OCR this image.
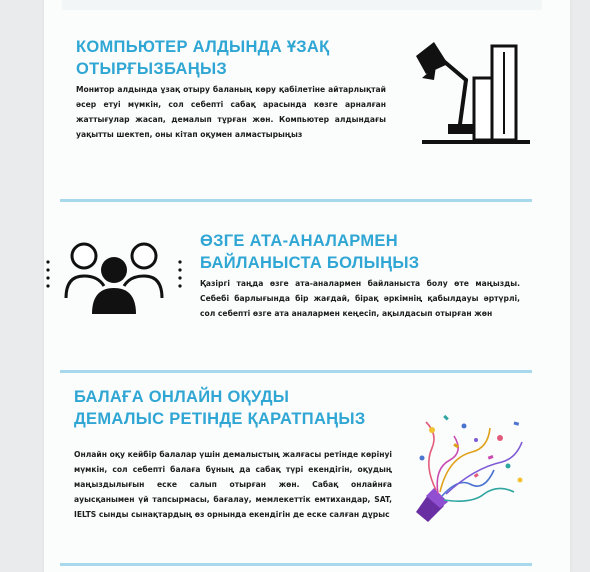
КОМПЬЮТЕР АЛДЫНДА ҰЗАҚ
ОТЫРҒЫЗБАҢЫЗ

Монитор алдында ұзақ отыру баланың көру қабілетіне айтарлықтай әсер етуі мүмкін, сол себепті сабақ арасында көзге арналған жаттығулар жасап, демалып тұрған жөн. Компьютер алдындағы уақытты шектеп, оны кітап оқумен алмастырыңыз

ӨЗГЕ АТА-АНАЛАРМЕН
БАЙЛАНЫСТА БОЛЫҢЫЗ

Қазіргі таңда өзге ата-аналармен байланыста болу өте маңызды. Себебі барлығында бір жағдай, бірақ әркімнің қабылдауы әртүрлі, сол себепті өзге ата аналармен кеңесіп, ақылдасып отырған жөн

БАЛАҒА ОНЛАЙН ОҚУДЫ
ДЕМАЛЫС РЕТІНДЕ ҚАРАТПАҢЫЗ

Онлайн оқу кейбір балалар үшін демалыстың жалғасы ретінде көрінуі мүмкін, сол себепті балаға бұның да сабақ түрі екендігін, оқудың маңыздылығын еске салып отырған жөн. Сабақ онлайнға ауысқанымен үй тапсырмасы, бағалау, мемлекеттік емтихандар, SAT, IELTS сынды сынақтардың өз орнында екендігін де еске салған дұрыс
